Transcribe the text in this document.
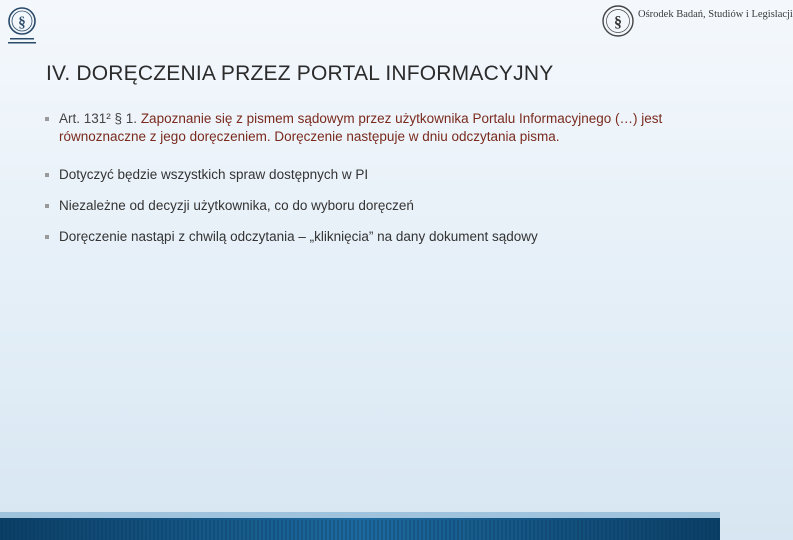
§	§ Ośrodek Badań, Studiów i Legislacji
IV. DORĘCZENIA PRZEZ PORTAL INFORMACYJNY
Art. 131² § 1. Zapoznanie się z pismem sądowym przez użytkownika Portalu Informacyjnego (…) jest równoznaczne z jego doręczeniem. Doręczenie następuje w dniu odczytania pisma.
Dotyczyć będzie wszystkich spraw dostępnych w PI
Niezależne od decyzji użytkownika, co do wyboru doręczeń
Doręczenie nastąpi z chwilą odczytania – „kliknięcia” na dany dokument sądowy
